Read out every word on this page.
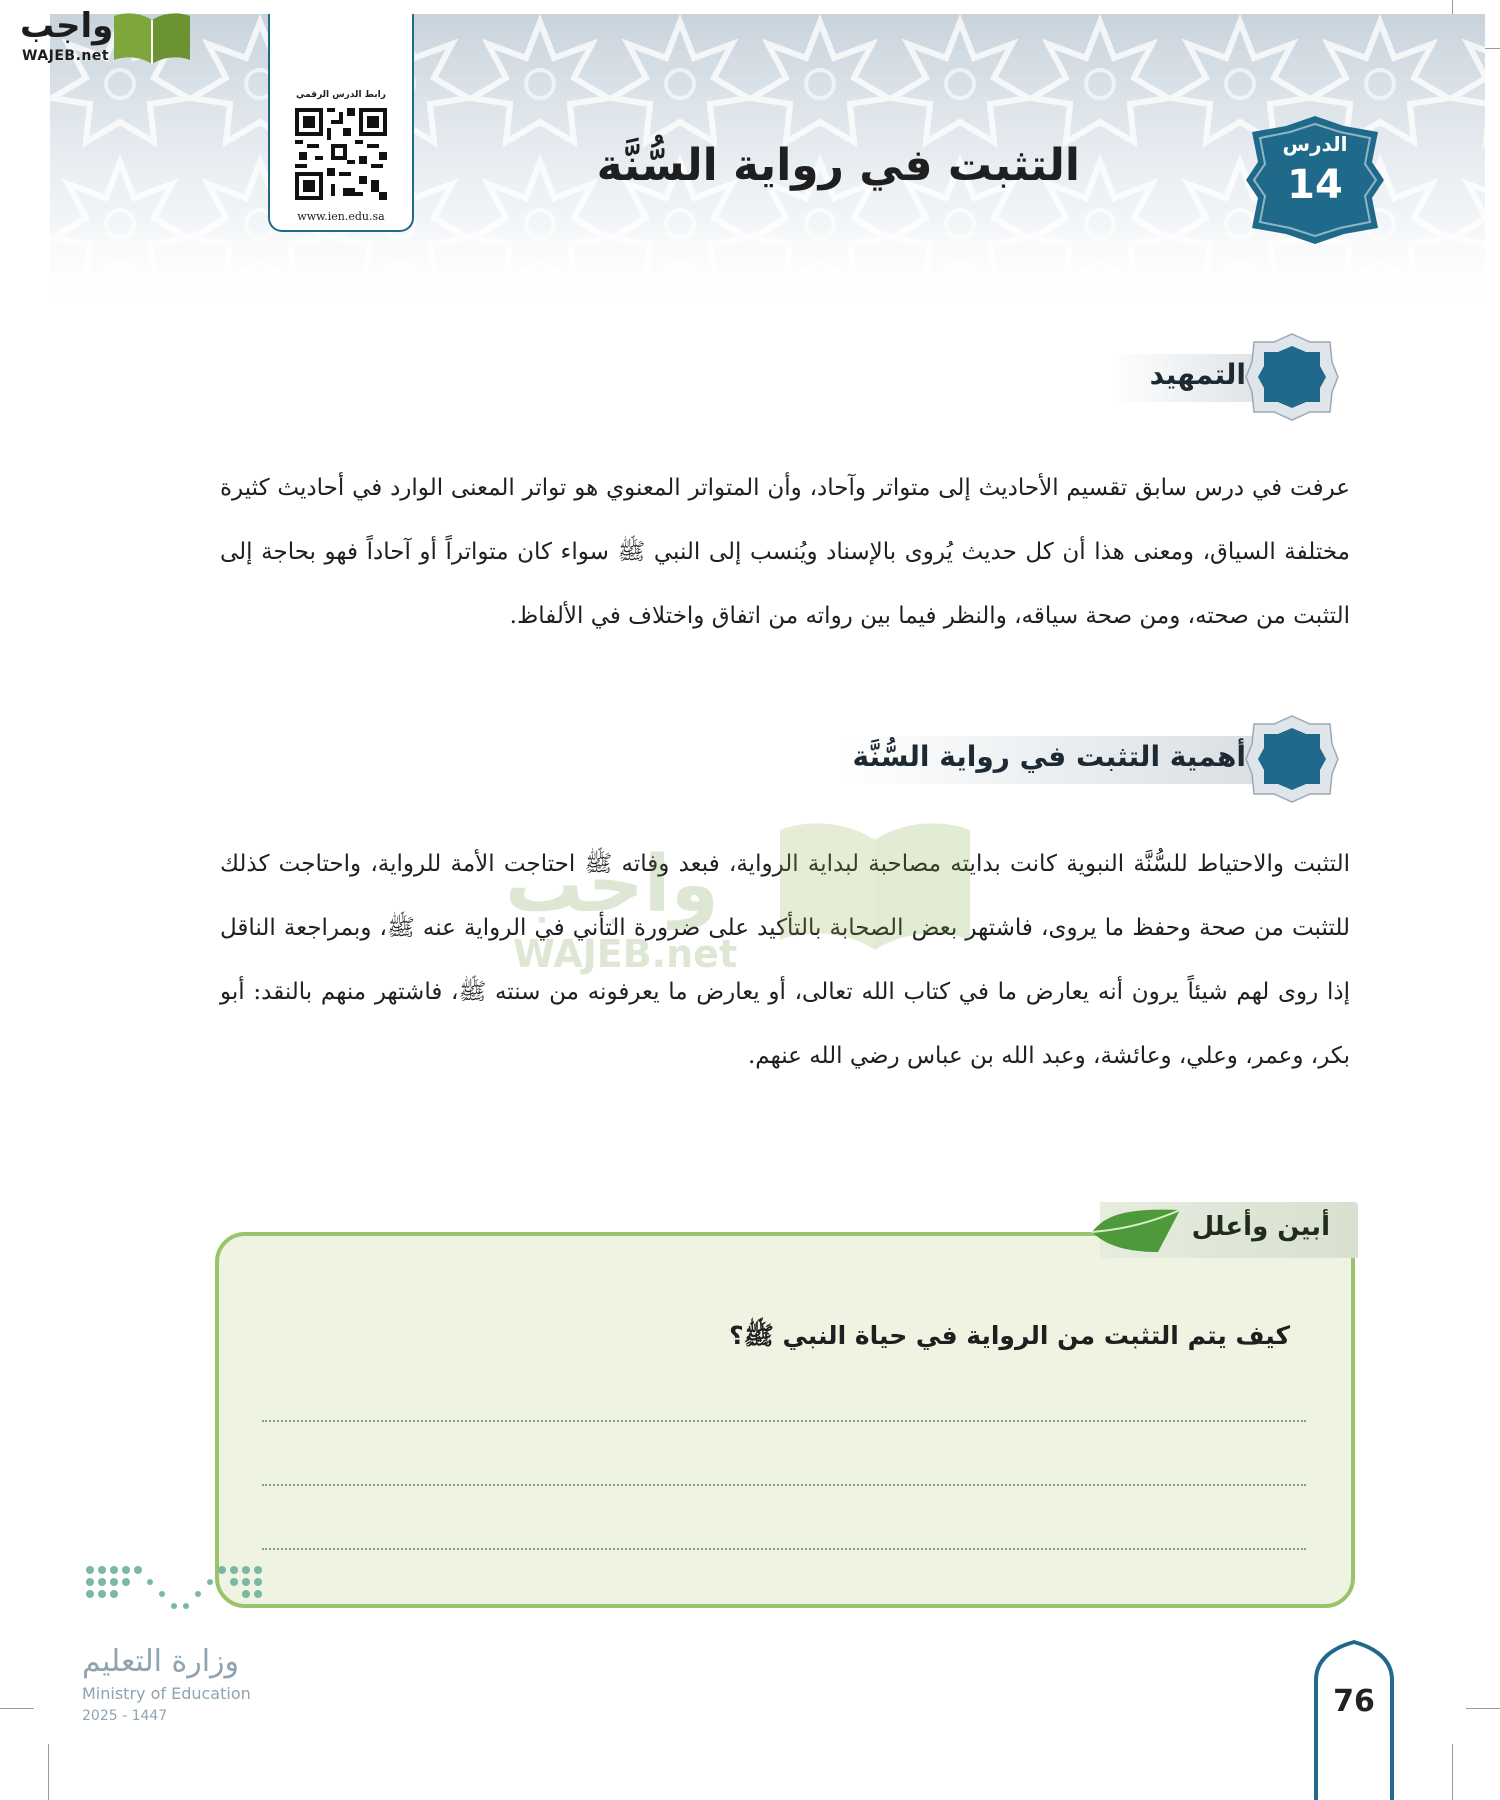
واجب
WAJEB.net
رابط الدرس الرقمي
www.ien.edu.sa
التثبت في رواية السُّنَّة	الدرس
14
التمهيد

عرفت في درس سابق تقسيم الأحاديث إلى متواتر وآحاد، وأن المتواتر المعنوي هو تواتر المعنى الوارد في أحاديث كثيرة مختلفة السياق، ومعنى هذا أن كل حديث يُروى بالإسناد ويُنسب إلى النبي ﷺ سواء كان متواتراً أو آحاداً فهو بحاجة إلى التثبت من صحته، ومن صحة سياقه، والنظر فيما بين رواته من اتفاق واختلاف في الألفاظ.

أهمية التثبت في رواية السُّنَّة

التثبت والاحتياط للسُّنَّة النبوية كانت بدايته مصاحبة لبداية الرواية، فبعد وفاته ﷺ احتاجت الأمة للرواية، واحتاجت كذلك للتثبت من صحة وحفظ ما يروى، فاشتهر بعض الصحابة بالتأكيد على ضرورة التأني في الرواية عنه ﷺ، وبمراجعة الناقل إذا روى لهم شيئاً يرون أنه يعارض ما في كتاب الله تعالى، أو يعارض ما يعرفونه من سنته ﷺ، فاشتهر منهم بالنقد: أبو بكر، وعمر، وعلي، وعائشة، وعبد الله بن عباس رضي الله عنهم.

واجب
WAJEB.net
أبين وأعلل
كيف يتم التثبت من الرواية في حياة النبي ﷺ؟
وزارة التعليم
Ministry of Education
2025 - 1447	76
